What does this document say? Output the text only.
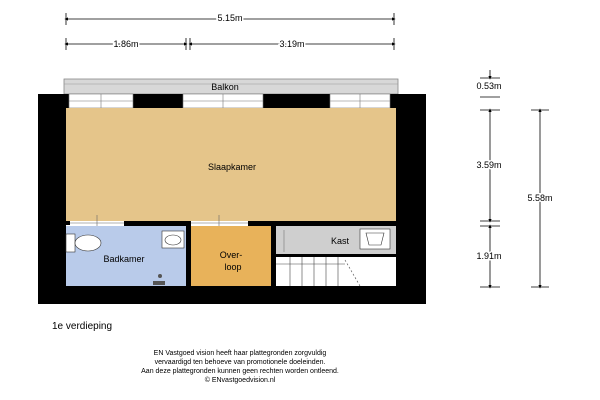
5.15m
1.86m	3.19m
Balkon
Slaapkamer
Badkamer	Over-
loop
Kast
0.53m
3.59m
1.91m
5.58m
1e verdieping
EN Vastgoed vision heeft haar plattegronden zorgvuldig
vervaardigd ten behoeve van promotionele doeleinden.
Aan deze plattegronden kunnen geen rechten worden ontleend.
© ENvastgoedvision.nl
